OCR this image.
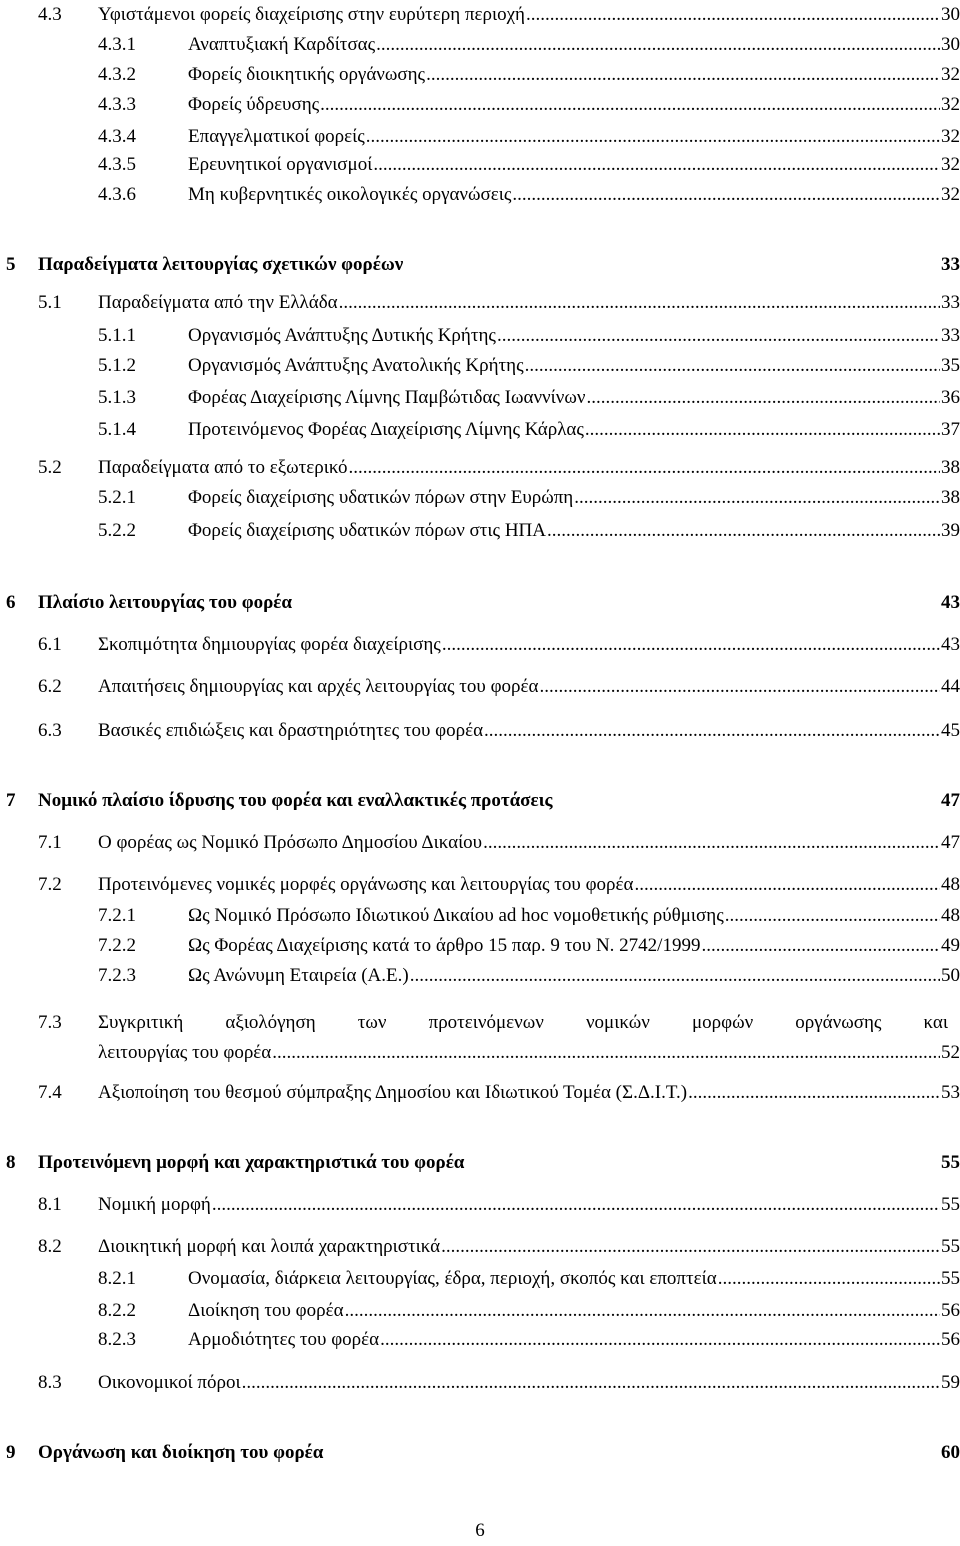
4.3 Υφιστάμενοι φορείς διαχείρισης στην ευρύτερη περιοχή .....	30
4.3.1	Αναπτυξιακή Καρδίτσας .....	30
4.3.2	Φορείς διοικητικής οργάνωσης .....	32
4.3.3	Φορείς ύδρευσης .....	32
4.3.4	Επαγγελματικοί φορείς .....	32
4.3.5	Ερευνητικοί οργανισμοί .....	32
4.3.6	Μη κυβερνητικές οικολογικές οργανώσεις .....	32
5 Παραδείγματα λειτουργίας σχετικών φορέων	33
5.1 Παραδείγματα από την Ελλάδα .....	33
5.1.1	Οργανισμός Ανάπτυξης Δυτικής Κρήτης .....	33
5.1.2	Οργανισμός Ανάπτυξης Ανατολικής Κρήτης .....	35
5.1.3	Φορέας Διαχείρισης Λίμνης Παμβώτιδας Ιωαννίνων .....	36
5.1.4	Προτεινόμενος Φορέας Διαχείρισης Λίμνης Κάρλας .....	37
5.2 Παραδείγματα από το εξωτερικό .....	38
5.2.1	Φορείς διαχείρισης υδατικών πόρων στην Ευρώπη .....	38
5.2.2	Φορείς διαχείρισης υδατικών πόρων στις ΗΠΑ .....	39
6 Πλαίσιο λειτουργίας του φορέα	43
6.1 Σκοπιμότητα δημιουργίας φορέα διαχείρισης .....	43
6.2 Απαιτήσεις δημιουργίας και αρχές λειτουργίας του φορέα .....	44
6.3 Βασικές επιδιώξεις και δραστηριότητες του φορέα .....	45
7 Νομικό πλαίσιο ίδρυσης του φορέα και εναλλακτικές προτάσεις	47
7.1 Ο φορέας ως Νομικό Πρόσωπο Δημοσίου Δικαίου .....	47
7.2 Προτεινόμενες νομικές μορφές οργάνωσης και λειτουργίας του φορέα .....	48
7.2.1	Ως Νομικό Πρόσωπο Ιδιωτικού Δικαίου ad hoc νομοθετικής ρύθμισης .....	48
7.2.2	Ως Φορέας Διαχείρισης κατά το άρθρο 15 παρ. 9 του Ν. 2742/1999 .....	49
7.2.3	Ως Ανώνυμη Εταιρεία (Α.Ε.) .....	50
7.3 Συγκριτική αξιολόγηση των προτεινόμενων νομικών μορφών οργάνωσης και
λειτουργίας του φορέα .....	52
7.4 Αξιοποίηση του θεσμού σύμπραξης Δημοσίου και Ιδιωτικού Τομέα (Σ.Δ.Ι.Τ.) .....	53
8 Προτεινόμενη μορφή και χαρακτηριστικά του φορέα	55
8.1 Νομική μορφή .....	55
8.2 Διοικητική μορφή και λοιπά χαρακτηριστικά .....	55
8.2.1	Ονομασία, διάρκεια λειτουργίας, έδρα, περιοχή, σκοπός και εποπτεία .....	55
8.2.2	Διοίκηση του φορέα .....	56
8.2.3	Αρμοδιότητες του φορέα .....	56
8.3 Οικονομικοί πόροι .....	59
9 Οργάνωση και διοίκηση του φορέα	60
6
